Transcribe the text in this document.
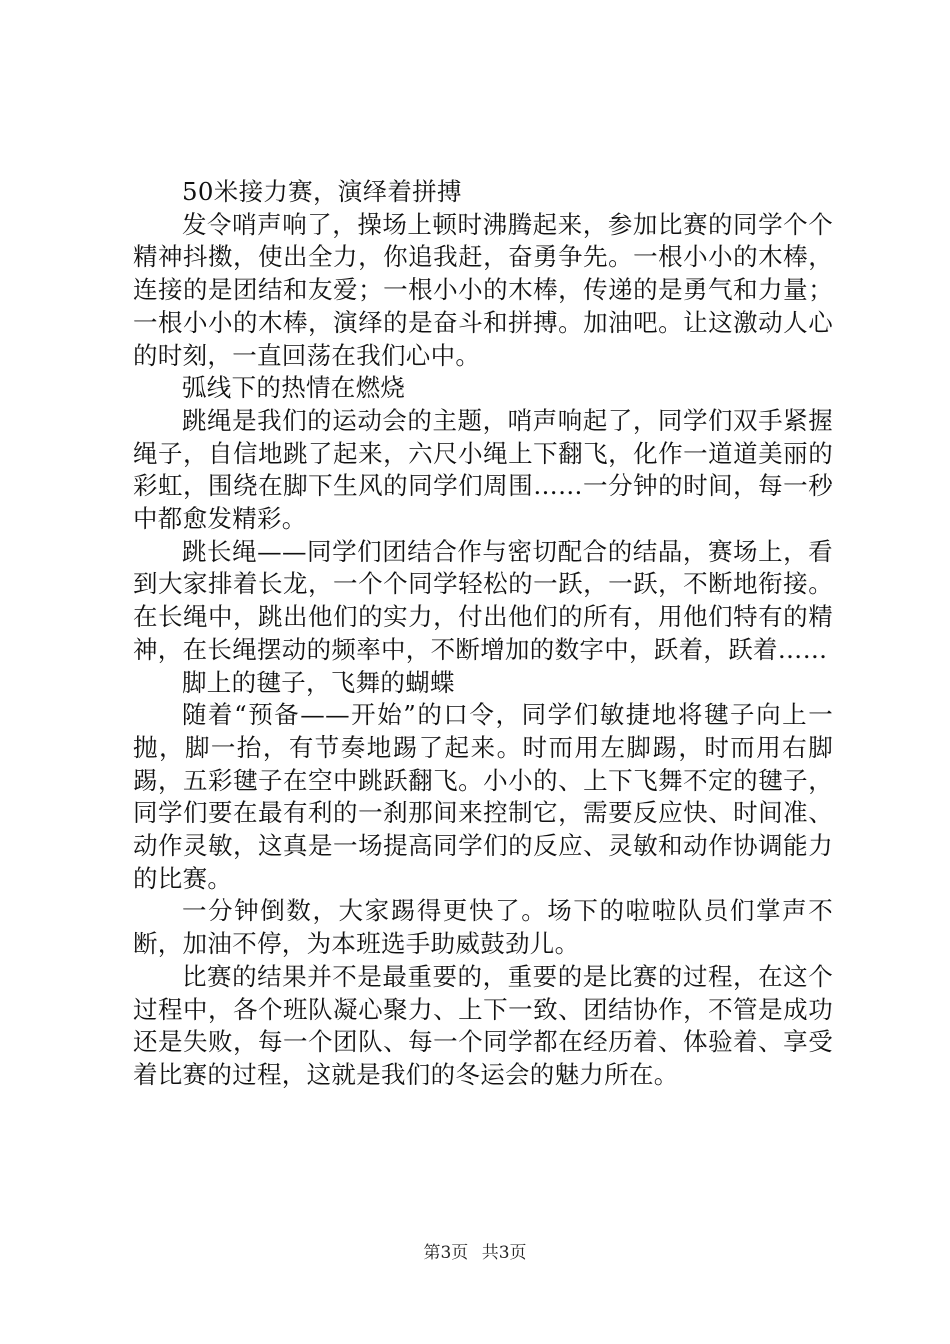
50米接力赛，演绎着拼搏

发令哨声响了，操场上顿时沸腾起来，参加比赛的同学个个精神抖擞，使出全力，你追我赶，奋勇争先。一根小小的木棒，连接的是团结和友爱；一根小小的木棒，传递的是勇气和力量；一根小小的木棒，演绎的是奋斗和拼搏。加油吧。让这激动人心的时刻，一直回荡在我们心中。

弧线下的热情在燃烧

跳绳是我们的运动会的主题，哨声响起了，同学们双手紧握绳子，自信地跳了起来，六尺小绳上下翻飞，化作一道道美丽的彩虹，围绕在脚下生风的同学们周围……一分钟的时间，每一秒中都愈发精彩。

跳长绳——同学们团结合作与密切配合的结晶，赛场上，看到大家排着长龙，一个个同学轻松的一跃，一跃，不断地衔接。在长绳中，跳出他们的实力，付出他们的所有，用他们特有的精神，在长绳摆动的频率中，不断增加的数字中，跃着，跃着……

脚上的毽子，飞舞的蝴蝶

随着“预备——开始”的口令，同学们敏捷地将毽子向上一抛，脚一抬，有节奏地踢了起来。时而用左脚踢，时而用右脚踢，五彩毽子在空中跳跃翻飞。小小的、上下飞舞不定的毽子，同学们要在最有利的一刹那间来控制它，需要反应快、时间准、动作灵敏，这真是一场提高同学们的反应、灵敏和动作协调能力的比赛。

一分钟倒数，大家踢得更快了。场下的啦啦队员们掌声不断，加油不停，为本班选手助威鼓劲儿。

比赛的结果并不是最重要的，重要的是比赛的过程，在这个过程中，各个班队凝心聚力、上下一致、团结协作，不管是成功还是失败，每一个团队、每一个同学都在经历着、体验着、享受着比赛的过程，这就是我们的冬运会的魅力所在。

第3页 共3页
